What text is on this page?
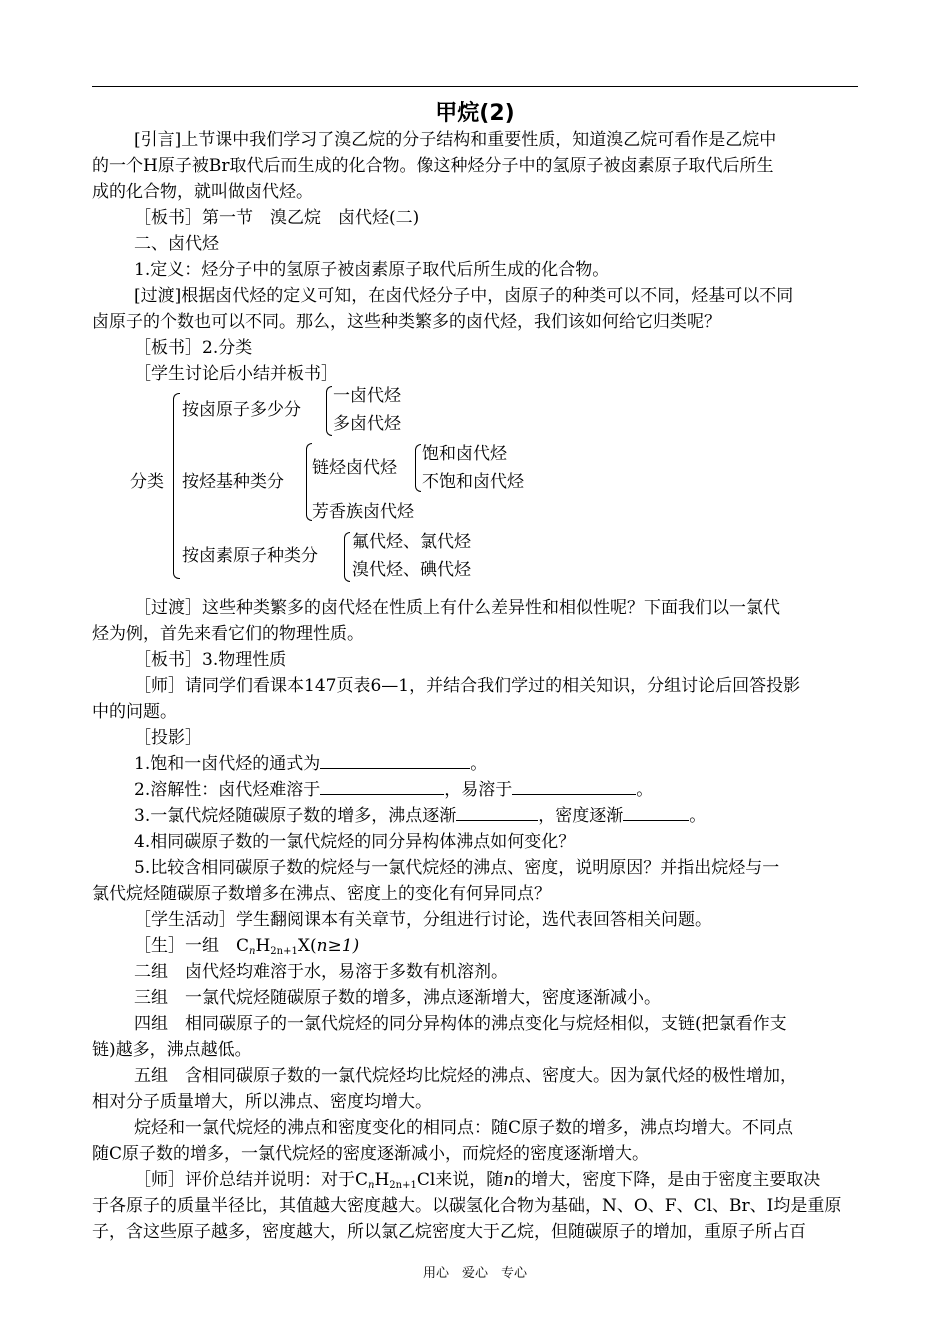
甲烷(2)
[引言]上节课中我们学习了溴乙烷的分子结构和重要性质，知道溴乙烷可看作是乙烷中
的一个H原子被Br取代后而生成的化合物。像这种烃分子中的氢原子被卤素原子取代后所生
成的化合物，就叫做卤代烃。
［板书］第一节　溴乙烷　卤代烃(二)
二、卤代烃
1.定义：烃分子中的氢原子被卤素原子取代后所生成的化合物。
[过渡]根据卤代烃的定义可知，在卤代烃分子中，卤原子的种类可以不同，烃基可以不同
卤原子的个数也可以不同。那么，这些种类繁多的卤代烃，我们该如何给它归类呢？
［板书］2.分类
［学生讨论后小结并板书］
分类
按卤原子多少分
一卤代烃
多卤代烃
按烃基种类分
链烃卤代烃
饱和卤代烃
不饱和卤代烃
芳香族卤代烃
按卤素原子种类分
氟代烃、氯代烃
溴代烃、碘代烃
［过渡］这些种类繁多的卤代烃在性质上有什么差异性和相似性呢？下面我们以一氯代
烃为例，首先来看它们的物理性质。
［板书］3.物理性质
［师］请同学们看课本147页表6—1，并结合我们学过的相关知识，分组讨论后回答投影
中的问题。
［投影］
1.饱和一卤代烃的通式为	。
2.溶解性：卤代烃难溶于	，易溶于	。
3.一氯代烷烃随碳原子数的增多，沸点逐渐	，密度逐渐	。
4.相同碳原子数的一氯代烷烃的同分异构体沸点如何变化？
5.比较含相同碳原子数的烷烃与一氯代烷烃的沸点、密度，说明原因？并指出烷烃与一
氯代烷烃随碳原子数增多在沸点、密度上的变化有何异同点？
［学生活动］学生翻阅课本有关章节，分组进行讨论，选代表回答相关问题。
［生］一组　$C_nH_{2n+1}X(n\ge 1)$
二组　卤代烃均难溶于水，易溶于多数有机溶剂。
三组　一氯代烷烃随碳原子数的增多，沸点逐渐增大，密度逐渐减小。
四组　相同碳原子的一氯代烷烃的同分异构体的沸点变化与烷烃相似，支链(把氯看作支
链)越多，沸点越低。
五组　含相同碳原子数的一氯代烷烃均比烷烃的沸点、密度大。因为氯代烃的极性增加，
相对分子质量增大，所以沸点、密度均增大。
烷烃和一氯代烷烃的沸点和密度变化的相同点：随C原子数的增多，沸点均增大。不同点
随C原子数的增多，一氯代烷烃的密度逐渐减小，而烷烃的密度逐渐增大。
［师］评价总结并说明：对于$C_nH_{2n+1}Cl$来说，随n的增大，密度下降，是由于密度主要取决
于各原子的质量半径比，其值越大密度越大。以碳氢化合物为基础，N、O、F、Cl、Br、I均是重原
子，含这些原子越多，密度越大，所以氯乙烷密度大于乙烷，但随碳原子的增加，重原子所占百
用心　爱心　专心
